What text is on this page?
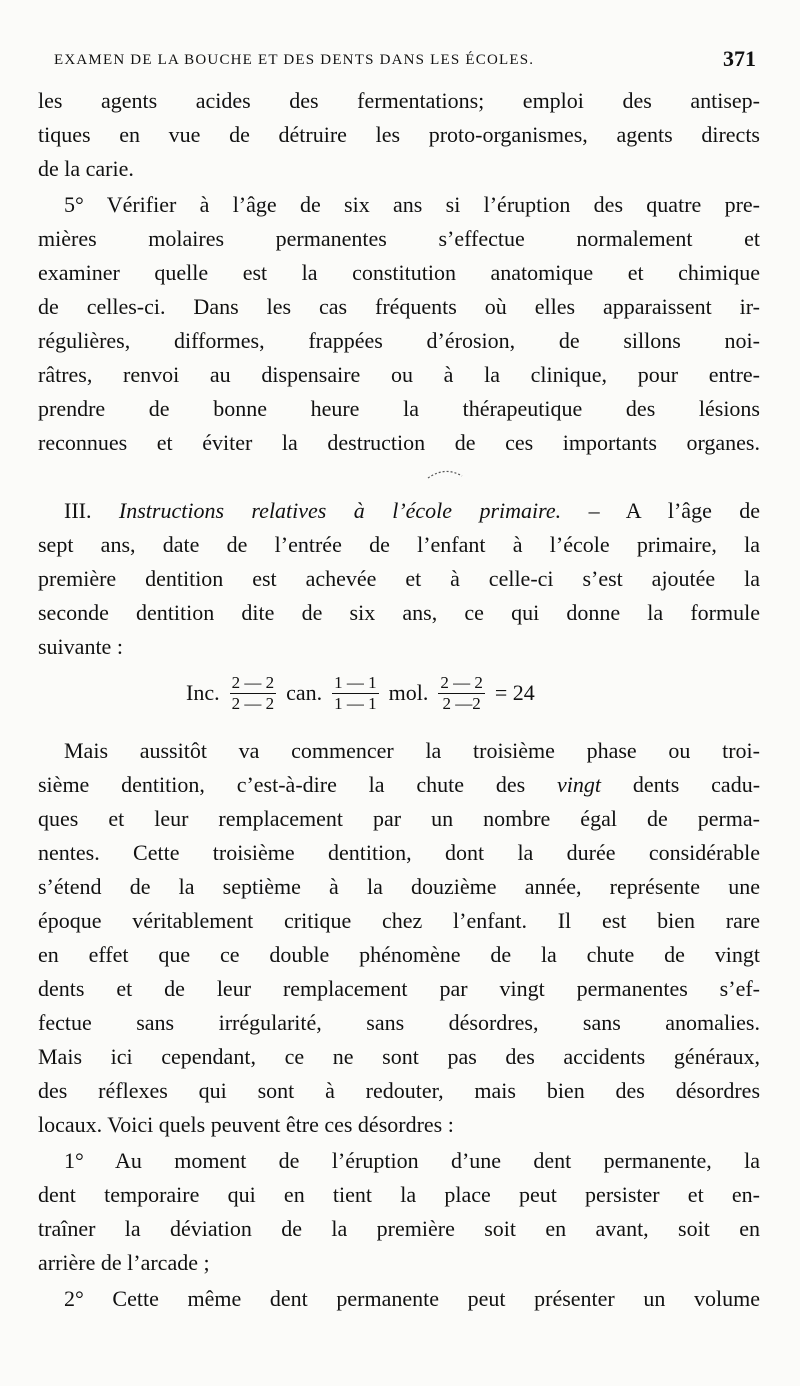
EXAMEN DE LA BOUCHE ET DES DENTS DANS LES ÉCOLES.	371
les agents acides des fermentations; emploi des antisep-
tiques en vue de détruire les proto-organismes, agents directs
de la carie.
5° Vérifier à l’âge de six ans si l’éruption des quatre pre-
mières molaires permanentes s’effectue normalement et
examiner quelle est la constitution anatomique et chimique
de celles-ci. Dans les cas fréquents où elles apparaissent ir-
régulières, difformes, frappées d’érosion, de sillons noi-
râtres, renvoi au dispensaire ou à la clinique, pour entre-
prendre de bonne heure la thérapeutique des lésions
reconnues et éviter la destruction de ces importants organes.
III. Instructions relatives à l’école primaire. – A l’âge de
sept ans, date de l’entrée de l’enfant à l’école primaire, la
première dentition est achevée et à celle-ci s’est ajoutée la
seconde dentition dite de six ans, ce qui donne la formule
suivante :
Inc. $\frac{2 — 2}{2 — 2}$ can. $\frac{1 — 1}{1 — 1}$ mol. $\frac{2 — 2}{2 —2} = 24$
Mais aussitôt va commencer la troisième phase ou troi-
sième dentition, c’est-à-dire la chute des vingt dents cadu-
ques et leur remplacement par un nombre égal de perma-
nentes. Cette troisième dentition, dont la durée considérable
s’étend de la septième à la douzième année, représente une
époque véritablement critique chez l’enfant. Il est bien rare
en effet que ce double phénomène de la chute de vingt
dents et de leur remplacement par vingt permanentes s’ef-
fectue sans irrégularité, sans désordres, sans anomalies.
Mais ici cependant, ce ne sont pas des accidents généraux,
des réflexes qui sont à redouter, mais bien des désordres
locaux. Voici quels peuvent être ces désordres :
1° Au moment de l’éruption d’une dent permanente, la
dent temporaire qui en tient la place peut persister et en-
traîner la déviation de la première soit en avant, soit en
arrière de l’arcade ;
2° Cette même dent permanente peut présenter un volume
